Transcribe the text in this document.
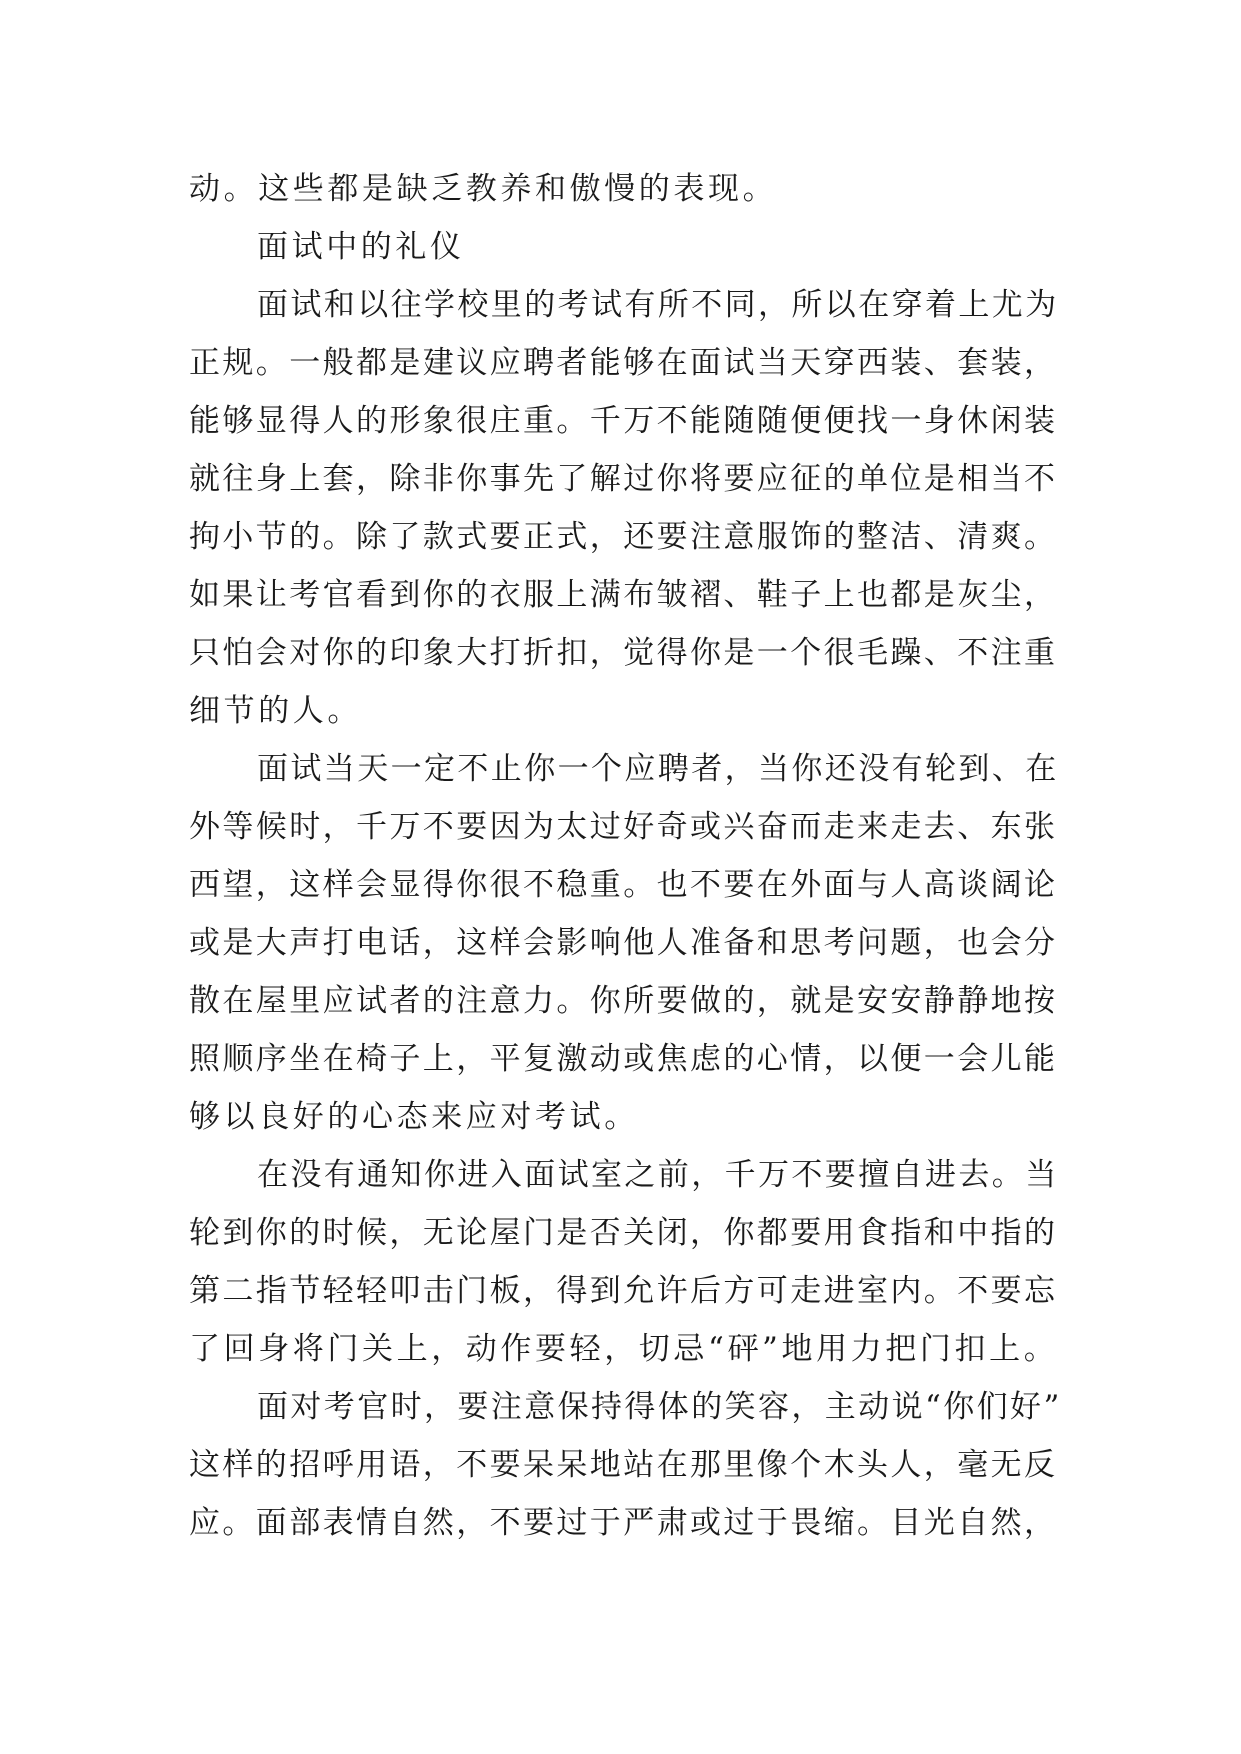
动。这些都是缺乏教养和傲慢的表现。
面试中的礼仪
面试和以往学校里的考试有所不同，所以在穿着上尤为
正规。一般都是建议应聘者能够在面试当天穿西装、套装，
能够显得人的形象很庄重。千万不能随随便便找一身休闲装
就往身上套，除非你事先了解过你将要应征的单位是相当不
拘小节的。除了款式要正式，还要注意服饰的整洁、清爽。
如果让考官看到你的衣服上满布皱褶、鞋子上也都是灰尘，
只怕会对你的印象大打折扣，觉得你是一个很毛躁、不注重
细节的人。
面试当天一定不止你一个应聘者，当你还没有轮到、在
外等候时，千万不要因为太过好奇或兴奋而走来走去、东张
西望，这样会显得你很不稳重。也不要在外面与人高谈阔论
或是大声打电话，这样会影响他人准备和思考问题，也会分
散在屋里应试者的注意力。你所要做的，就是安安静静地按
照顺序坐在椅子上，平复激动或焦虑的心情，以便一会儿能
够以良好的心态来应对考试。
在没有通知你进入面试室之前，千万不要擅自进去。当
轮到你的时候，无论屋门是否关闭，你都要用食指和中指的
第二指节轻轻叩击门板，得到允许后方可走进室内。不要忘
了回身将门关上，动作要轻，切忌“砰”地用力把门扣上。
面对考官时，要注意保持得体的笑容，主动说“你们好”
这样的招呼用语，不要呆呆地站在那里像个木头人，毫无反
应。面部表情自然，不要过于严肃或过于畏缩。目光自然，
